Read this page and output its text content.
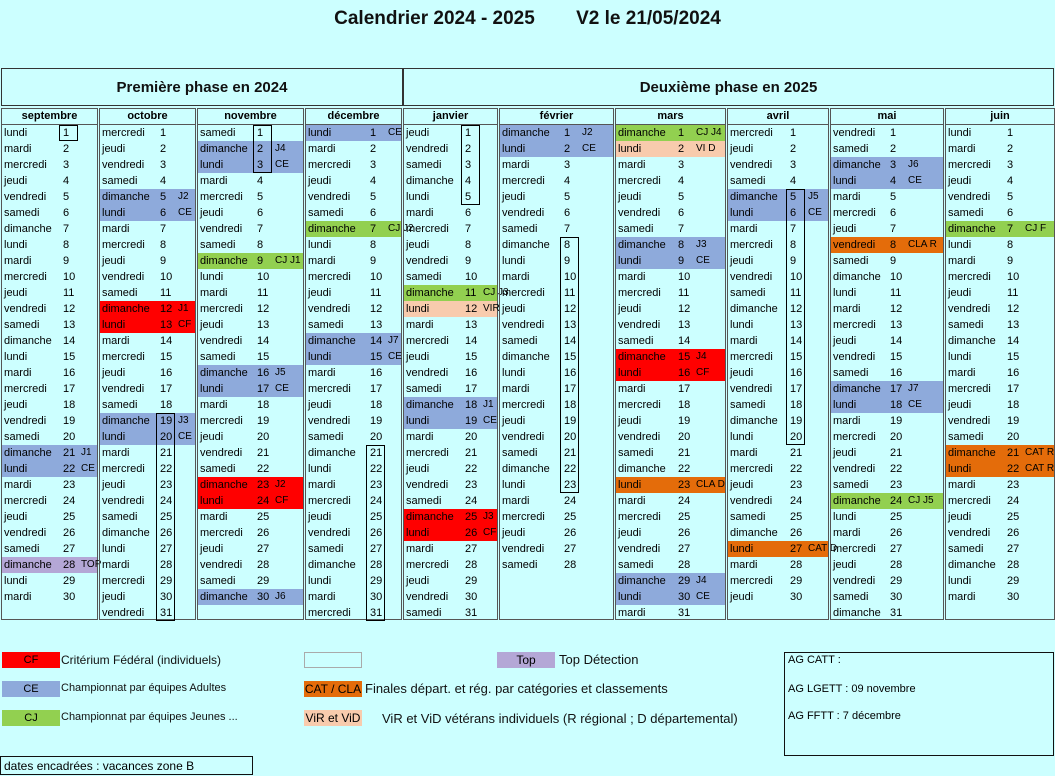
Calendrier 2024 - 2025 V2 le 21/05/2024
Première phase en 2024	Deuxième phase en 2025
septembre
lundi	1
mardi	2
mercredi 3
jeudi	4
vendredi 5
samedi 6
dimanche 7
lundi	8
mardi	9
mercredi 10
jeudi	11
vendredi 12
samedi 13
dimanche 14
lundi	15
mardi	16
mercredi 17
jeudi	18
vendredi 19
samedi 20
dimanche 21 J1
lundi	22 CE
mardi	23
mercredi 24
jeudi	25
vendredi 26
samedi 27
dimanche 28 TOP
lundi	29
mardi	30
octobre
mercredi 1
jeudi	2
vendredi 3
samedi 4
dimanche 5 J2
lundi	6 CE
mardi	7
mercredi 8
jeudi	9
vendredi 10
samedi 11
dimanche 12 J1
lundi	13 CF
mardi	14
mercredi 15
jeudi	16
vendredi 17
samedi 18
dimanche 19 J3
lundi	20 CE
mardi	21
mercredi 22
jeudi	23
vendredi 24
samedi 25
dimanche 26
lundi	27
mardi	28
mercredi 29
jeudi	30
vendredi 31
novembre
samedi 1
dimanche 2 J4
lundi	3 CE
mardi	4
mercredi 5
jeudi	6
vendredi 7
samedi 8
dimanche 9 CJ J1
lundi	10
mardi	11
mercredi 12
jeudi	13
vendredi 14
samedi 15
dimanche 16 J5
lundi	17 CE
mardi	18
mercredi 19
jeudi	20
vendredi 21
samedi 22
dimanche 23 J2
lundi	24 CF
mardi	25
mercredi 26
jeudi	27
vendredi 28
samedi 29
dimanche 30 J6
décembre
lundi	1 CE
mardi	2
mercredi 3
jeudi	4
vendredi 5
samedi 6
dimanche 7 CJ J2
lundi	8
mardi	9
mercredi 10
jeudi	11
vendredi 12
samedi 13
dimanche 14 J7
lundi	15 CE
mardi	16
mercredi 17
jeudi	18
vendredi 19
samedi 20
dimanche 21
lundi	22
mardi	23
mercredi 24
jeudi	25
vendredi 26
samedi 27
dimanche 28
lundi	29
mardi	30
mercredi 31
janvier
jeudi	1
vendredi 2
samedi 3
dimanche 4
lundi	5
mardi	6
mercredi 7
jeudi	8
vendredi 9
samedi 10
dimanche 11 CJ J3
lundi	12 VIR
mardi	13
mercredi 14
jeudi	15
vendredi 16
samedi 17
dimanche 18 J1
lundi	19 CE
mardi	20
mercredi 21
jeudi	22
vendredi 23
samedi 24
dimanche 25 J3
lundi	26 CF
mardi	27
mercredi 28
jeudi	29
vendredi 30
samedi 31
février
dimanche 1 J2
lundi	2 CE
mardi	3
mercredi 4
jeudi	5
vendredi 6
samedi 7
dimanche 8
lundi	9
mardi	10
mercredi 11
jeudi	12
vendredi 13
samedi 14
dimanche 15
lundi	16
mardi	17
mercredi 18
jeudi	19
vendredi 20
samedi 21
dimanche 22
lundi	23
mardi	24
mercredi 25
jeudi	26
vendredi 27
samedi 28
mars
dimanche 1 CJ J4
lundi	2 VI D
mardi	3
mercredi 4
jeudi	5
vendredi 6
samedi 7
dimanche 8 J3
lundi	9 CE
mardi	10
mercredi 11
jeudi	12
vendredi 13
samedi 14
dimanche 15 J4
lundi	16 CF
mardi	17
mercredi 18
jeudi	19
vendredi 20
samedi 21
dimanche 22
lundi	23 CLA D
mardi	24
mercredi 25
jeudi	26
vendredi 27
samedi 28
dimanche 29 J4
lundi	30 CE
mardi	31
avril
mercredi 1
jeudi	2
vendredi 3
samedi 4
dimanche 5 J5
lundi	6 CE
mardi	7
mercredi 8
jeudi	9
vendredi 10
samedi 11
dimanche 12
lundi	13
mardi	14
mercredi 15
jeudi	16
vendredi 17
samedi 18
dimanche 19
lundi	20
mardi	21
mercredi 22
jeudi	23
vendredi 24
samedi 25
dimanche 26
lundi	27 CAT D
mardi	28
mercredi 29
jeudi	30
mai
vendredi 1
samedi 2
dimanche 3 J6
lundi	4 CE
mardi	5
mercredi 6
jeudi	7
vendredi 8 CLA R
samedi 9
dimanche 10
lundi	11
mardi	12
mercredi 13
jeudi	14
vendredi 15
samedi 16
dimanche 17 J7
lundi	18 CE
mardi	19
mercredi 20
jeudi	21
vendredi 22
samedi 23
dimanche 24 CJ J5
lundi	25
mardi	26
mercredi 27
jeudi	28
vendredi 29
samedi 30
dimanche 31
juin
lundi	1
mardi	2
mercredi 3
jeudi	4
vendredi 5
samedi 6
dimanche 7 CJ F
lundi	8
mardi	9
mercredi 10
jeudi	11
vendredi 12
samedi 13
dimanche 14
lundi	15
mardi	16
mercredi 17
jeudi	18
vendredi 19
samedi 20
dimanche 21 CAT R
lundi	22 CAT R
mardi	23
mercredi 24
jeudi	25
vendredi 26
samedi 27
dimanche 28
lundi	29
mardi	30
CF	Critérium Fédéral (individuels)
CE	Championnat par équipes Adultes
CJ	Championnat par équipes Jeunes ...
Top	Top Détection
CAT / CLA Finales départ. et rég. par catégories et classements
ViR et ViD ViR et ViD vétérans individuels (R régional ; D départemental)
AG CATT :
AG LGETT : 09 novembre
AG FFTT : 7 décembre
dates encadrées : vacances zone B
